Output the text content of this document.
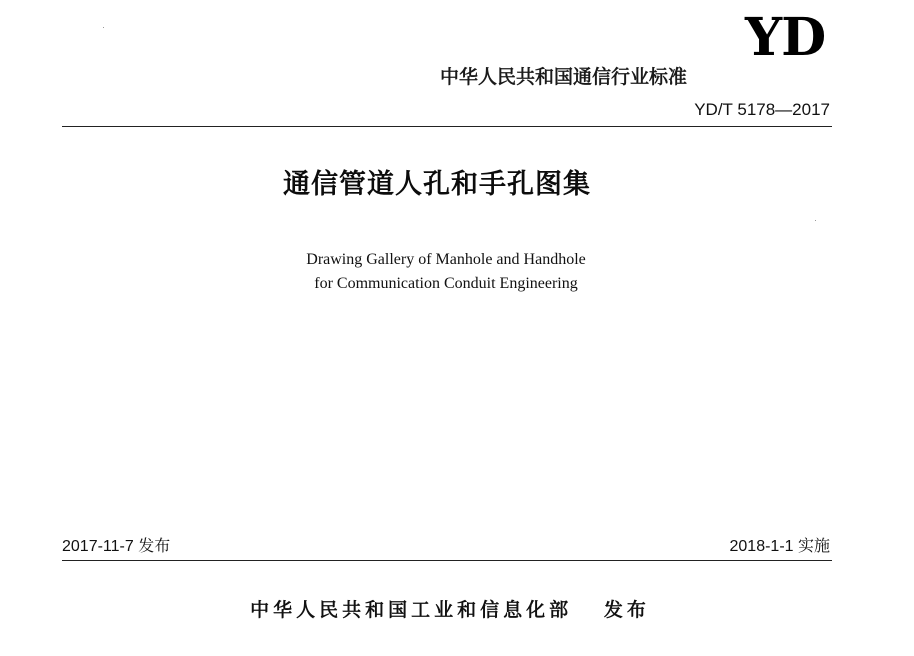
YD
中华人民共和国通信行业标准
YD/T 5178—2017
通信管道人孔和手孔图集
Drawing Gallery of Manhole and Handhole
for Communication Conduit Engineering
2017-11-7 发布	2018-1-1 实施
中华人民共和国工业和信息化部   发布
